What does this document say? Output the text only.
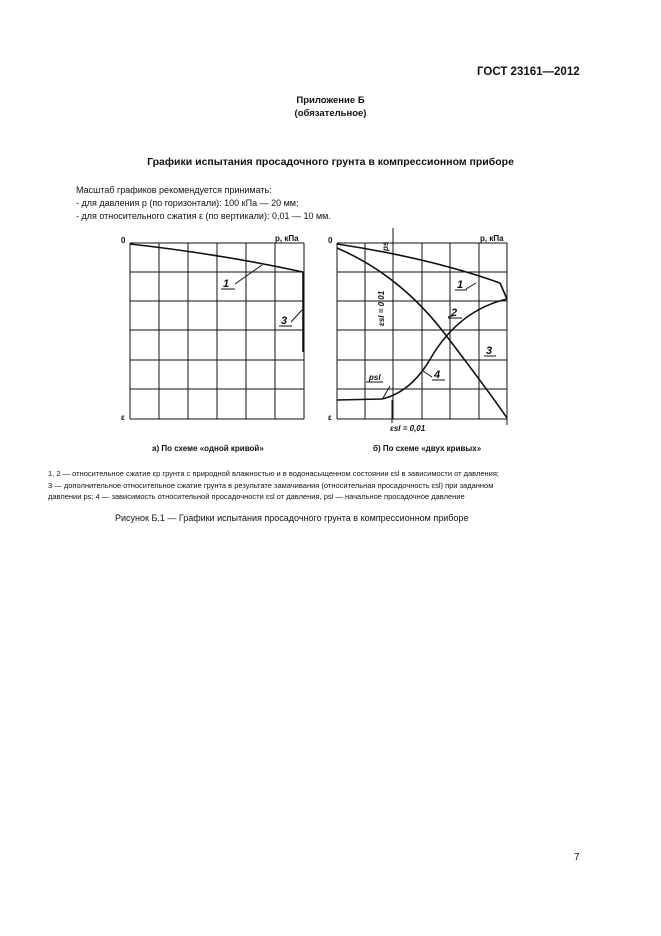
ГОСТ 23161—2012
Приложение Б
(обязательное)
Графики испытания просадочного грунта в компрессионном приборе
Масштаб графиков рекомендуется принимать:
- для давления p (по горизонтали): 100 кПа — 20 мм;
- для относительного сжатия ε (по вертикали): 0,01 — 10 мм.
0	p, кПа
ε
1
3
0	p, кПа
ε
ps
εsl = 0,01
psl
εsl = 0,01
1
2
3
4
а) По схеме «одной кривой»	б) По схеме «двух кривых»
1, 2 — относительное сжатие εp грунта с природной влажностью и в водонасыщенном состоянии εsl в зависимости от давления;
3 — дополнительное относительное сжатие грунта в результате замачивания (относительная просадочность εsl) при заданном
давлении ps; 4 — зависимость относительной просадочности εsl от давления, psl — начальное просадочное давление
Рисунок Б.1 — Графики испытания просадочного грунта в компрессионном приборе
7
